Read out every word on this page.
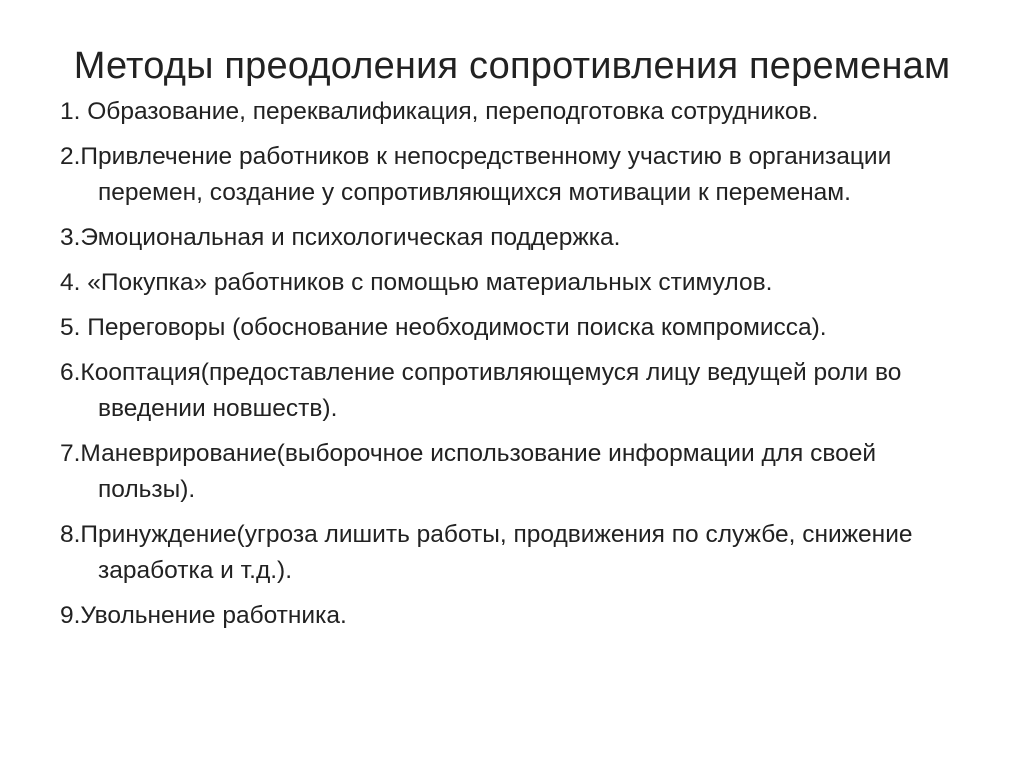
Методы преодоления сопротивления переменам
1. Образование, переквалификация, переподготовка сотрудников.
2.Привлечение работников к непосредственному участию в организации перемен, создание у сопротивляющихся мотивации к переменам.
3.Эмоциональная и психологическая поддержка.
4. «Покупка» работников с помощью материальных стимулов.
5. Переговоры (обоснование необходимости поиска компромисса).
6.Кооптация(предоставление сопротивляющемуся лицу ведущей роли во введении новшеств).
7.Маневрирование(выборочное использование информации для своей пользы).
8.Принуждение(угроза лишить работы, продвижения по службе, снижение заработка и т.д.).
9.Увольнение работника.
